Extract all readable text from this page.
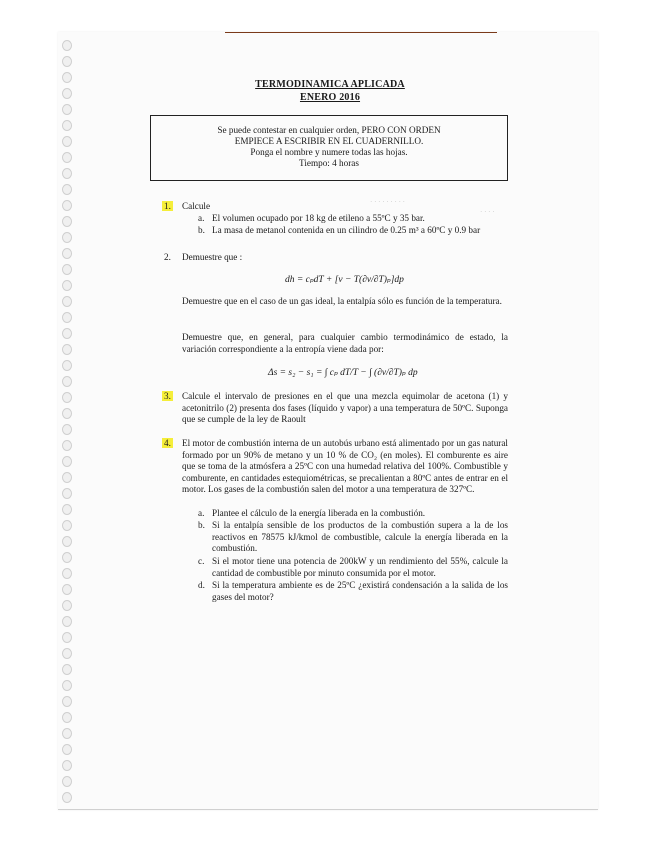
TERMODINAMICA APLICADA
ENERO 2016
Se puede contestar en cualquier orden, PERO CON ORDEN
EMPIECE A ESCRIBIR EN EL CUADERNILLO.
Ponga el nombre y numere todas las hojas.
Tiempo: 4 horas
· · · · · · · · ·
· · · ·
1. Calcule
a. El volumen ocupado por 18 kg de etileno a 55ºC y 35 bar.
b. La masa de metanol contenida en un cilindro de 0.25 m³ a 60ºC y 0.9 bar
2. Demuestre que :
dh = cₚdT + [v − T(∂v/∂T)ₚ]dp
Demuestre que en el caso de un gas ideal, la entalpía sólo es función de la temperatura.
Demuestre que, en general, para cualquier cambio termodinámico de estado, la variación correspondiente a la entropía viene dada por:
Δs = s₂ − s₁ = ∫ cₚ dT/T − ∫ (∂v/∂T)ₚ dp
3. Calcule el intervalo de presiones en el que una mezcla equimolar de acetona (1) y acetonitrilo (2) presenta dos fases (líquido y vapor) a una temperatura de 50ºC. Suponga que se cumple de la ley de Raoult
4. El motor de combustión interna de un autobús urbano está alimentado por un gas natural formado por un 90% de metano y un 10 % de CO₂ (en moles). El comburente es aire que se toma de la atmósfera a 25ºC con una humedad relativa del 100%. Combustible y comburente, en cantidades estequiométricas, se precalientan a 80ºC antes de entrar en el motor. Los gases de la combustión salen del motor a una temperatura de 327ºC.
a. Plantee el cálculo de la energía liberada en la combustión.
b. Si la entalpía sensible de los productos de la combustión supera a la de los reactivos en 78575 kJ/kmol de combustible, calcule la energía liberada en la combustión.
c. Si el motor tiene una potencia de 200kW y un rendimiento del 55%, calcule la cantidad de combustible por minuto consumida por el motor.
d. Si la temperatura ambiente es de 25ºC ¿existirá condensación a la salida de los gases del motor?
